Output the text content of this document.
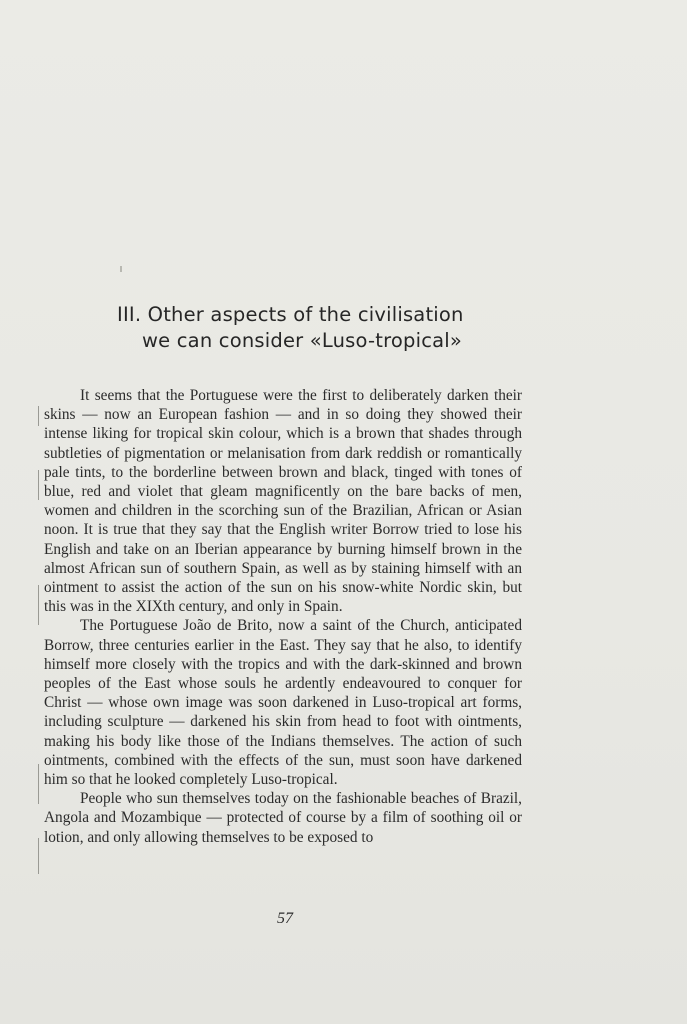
III. Other aspects of the civilisation
we can consider «Luso-tropical»

It seems that the Portuguese were the first to deliberately darken their skins — now an European fashion — and in so doing they showed their intense liking for tropical skin colour, which is a brown that shades through subtleties of pigmentation or melanisation from dark reddish or romantically pale tints, to the borderline between brown and black, tinged with tones of blue, red and violet that gleam magnificently on the bare backs of men, women and children in the scorching sun of the Brazilian, African or Asian noon. It is true that they say that the English writer Borrow tried to lose his English and take on an Iberian appearance by burning himself brown in the almost African sun of southern Spain, as well as by staining himself with an ointment to assist the action of the sun on his snow-white Nordic skin, but this was in the XIXth century, and only in Spain.

The Portuguese João de Brito, now a saint of the Church, anticipated Borrow, three centuries earlier in the East. They say that he also, to identify himself more closely with the tropics and with the dark-skinned and brown peoples of the East whose souls he ardently endeavoured to conquer for Christ — whose own image was soon darkened in Luso-tropical art forms, including sculpture — darkened his skin from head to foot with ointments, making his body like those of the Indians themselves. The action of such ointments, combined with the effects of the sun, must soon have darkened him so that he looked completely Luso-tropical.

People who sun themselves today on the fashionable beaches of Brazil, Angola and Mozambique — protected of course by a film of soothing oil or lotion, and only allowing themselves to be exposed to

57
